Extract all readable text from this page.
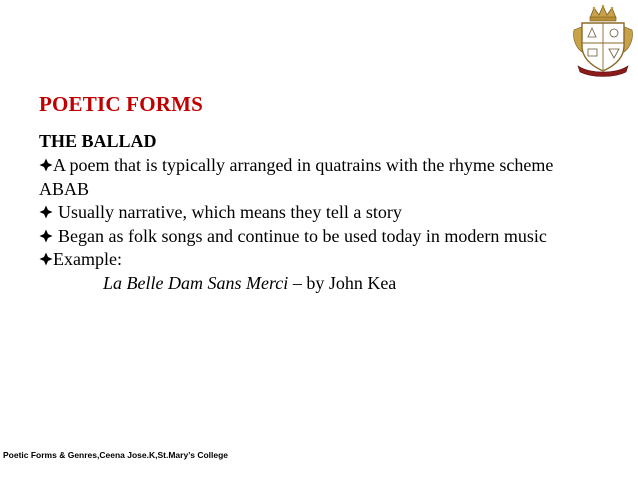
POETIC FORMS
THE BALLAD
A poem that is typically arranged in quatrains with the rhyme scheme
ABAB
Usually narrative, which means they tell a story
Began as folk songs and continue to be used today in modern music
Example:
La Belle Dam Sans Merci – by John Kea
Poetic Forms & Genres,Ceena Jose.K,St.Mary’s College
